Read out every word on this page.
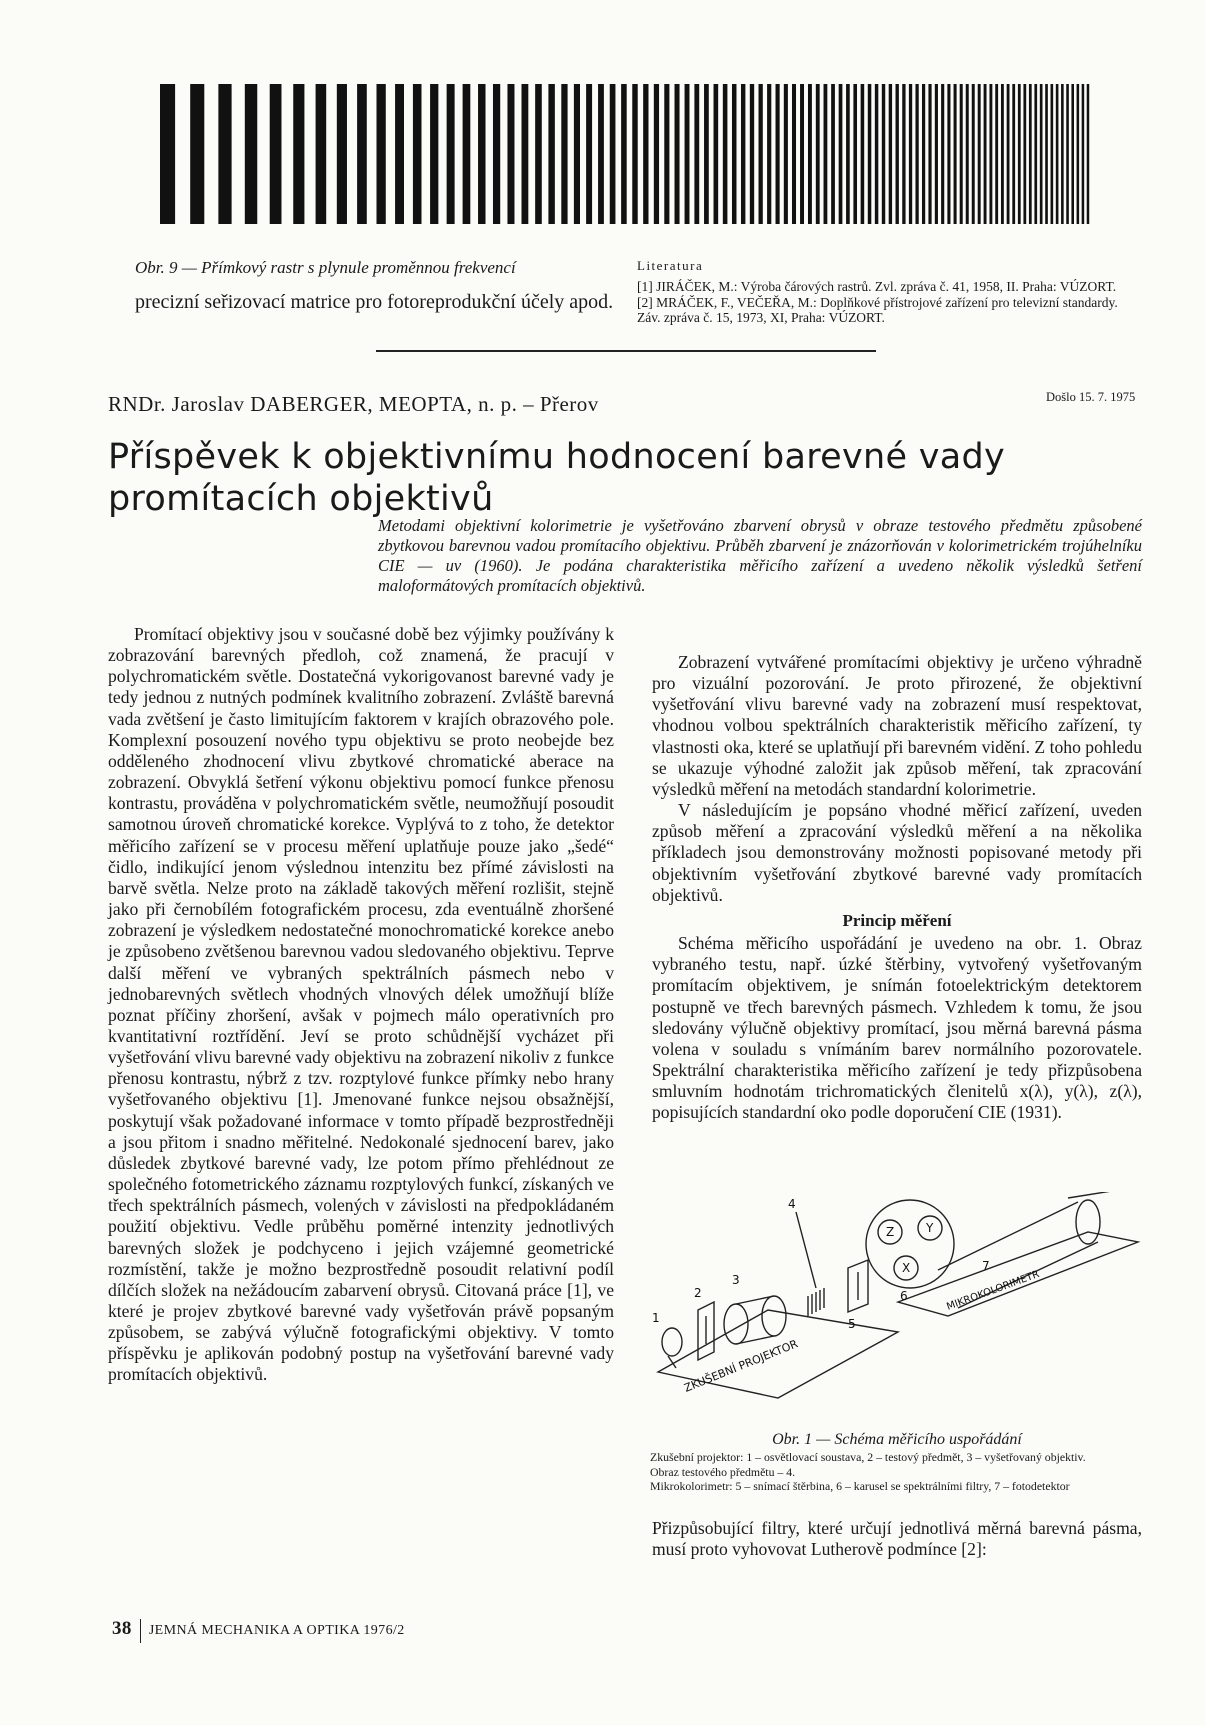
Obr. 9 — Přímkový rastr s plynule proměnnou frekvencí
precizní seřizovací matrice pro fotoreprodukční účely apod.
Literatura
[1] JIRÁČEK, M.: Výroba čárových rastrů. Zvl. zpráva č. 41, 1958, II. Praha: VÚZORT.
[2] MRÁČEK, F., VEČEŘA, M.: Doplňkové přístrojové zařízení pro televizní standardy. Záv. zpráva č. 15, 1973, XI, Praha: VÚZORT.
RNDr. Jaroslav DABERGER, MEOPTA, n. p. – Přerov	Došlo 15. 7. 1975
Příspěvek k objektivnímu hodnocení barevné vady promítacích objektivů
Metodami objektivní kolorimetrie je vyšetřováno zbarvení obrysů v obraze testového předmětu způsobené zbytkovou barevnou vadou promítacího objektivu. Průběh zbarvení je znázorňován v kolorimetrickém trojúhelníku CIE — uv (1960). Je podána charakteristika měřicího zařízení a uvedeno několik výsledků šetření maloformátových promítacích objektivů.

Promítací objektivy jsou v současné době bez výjimky používány k zobrazování barevných předloh, což znamená, že pracují v polychromatickém světle. Dostatečná vykorigovanost barevné vady je tedy jednou z nutných podmínek kvalitního zobrazení. Zvláště barevná vada zvětšení je často limitujícím faktorem v krajích obrazového pole. Komplexní posouzení nového typu objektivu se proto neobejde bez odděleného zhodnocení vlivu zbytkové chromatické aberace na zobrazení. Obvyklá šetření výkonu objektivu pomocí funkce přenosu kontrastu, prováděna v polychromatickém světle, neumožňují posoudit samotnou úroveň chromatické korekce. Vyplývá to z toho, že detektor měřicího zařízení se v procesu měření uplatňuje pouze jako „šedé“ čidlo, indikující jenom výslednou intenzitu bez přímé závislosti na barvě světla. Nelze proto na základě takových měření rozlišit, stejně jako při černobílém fotografickém procesu, zda eventuálně zhoršené zobrazení je výsledkem nedostatečné monochromatické korekce anebo je způsobeno zvětšenou barevnou vadou sledovaného objektivu. Teprve další měření ve vybraných spektrálních pásmech nebo v jednobarevných světlech vhodných vlnových délek umožňují blíže poznat příčiny zhoršení, avšak v pojmech málo operativních pro kvantitativní roztřídění. Jeví se proto schůdnější vycházet při vyšetřování vlivu barevné vady objektivu na zobrazení nikoliv z funkce přenosu kontrastu, nýbrž z tzv. rozptylové funkce přímky nebo hrany vyšetřovaného objektivu [1]. Jmenované funkce nejsou obsažnější, poskytují však požadované informace v tomto případě bezprostředněji a jsou přitom i snadno měřitelné. Nedokonalé sjednocení barev, jako důsledek zbytkové barevné vady, lze potom přímo přehlédnout ze společného fotometrického záznamu rozptylových funkcí, získaných ve třech spektrálních pásmech, volených v závislosti na předpokládaném použití objektivu. Vedle průběhu poměrné intenzity jednotlivých barevných složek je podchyceno i jejich vzájemné geometrické rozmístění, takže je možno bezprostředně posoudit relativní podíl dílčích složek na nežádoucím zabarvení obrysů. Citovaná práce [1], ve které je projev zbytkové barevné vady vyšetřován právě popsaným způsobem, se zabývá výlučně fotografickými objektivy. V tomto příspěvku je aplikován podobný postup na vyšetřování barevné vady promítacích objektivů.

Zobrazení vytvářené promítacími objektivy je určeno výhradně pro vizuální pozorování. Je proto přirozené, že objektivní vyšetřování vlivu barevné vady na zobrazení musí respektovat, vhodnou volbou spektrálních charakteristik měřicího zařízení, ty vlastnosti oka, které se uplatňují při barevném vidění. Z toho pohledu se ukazuje výhodné založit jak způsob měření, tak zpracování výsledků měření na metodách standardní kolorimetrie.

V následujícím je popsáno vhodné měřicí zařízení, uveden způsob měření a zpracování výsledků měření a na několika příkladech jsou demonstrovány možnosti popisované metody při objektivním vyšetřování zbytkové barevné vady promítacích objektivů.

Princip měření

Schéma měřicího uspořádání je uvedeno na obr. 1. Obraz vybraného testu, např. úzké štěrbiny, vytvořený vyšetřovaným promítacím objektivem, je snímán fotoelektrickým detektorem postupně ve třech barevných pásmech. Vzhledem k tomu, že jsou sledovány výlučně objektivy promítací, jsou měrná barevná pásma volena v souladu s vnímáním barev normálního pozorovatele. Spektrální charakteristika měřicího zařízení je tedy přizpůsobena smluvním hodnotám trichromatických členitelů x(λ), y(λ), z(λ), popisujících standardní oko podle doporučení CIE (1931).

1
2
3
4
5
6
7
Z	Y
X
ZKUŠEBNÍ PROJEKTOR
MIKROKOLORIMETR
Obr. 1 — Schéma měřicího uspořádání
Zkušební projektor: 1 – osvětlovací soustava, 2 – testový předmět, 3 – vyšetřovaný objektiv.
Obraz testového předmětu – 4.
Mikrokolorimetr: 5 – snímací štěrbina, 6 – karusel se spektrálními filtry, 7 – fotodetektor

Přizpůsobující filtry, které určují jednotlivá měrná barevná pásma, musí proto vyhovovat Lutherově podmínce [2]:

38 JEMNÁ MECHANIKA A OPTIKA 1976/2
